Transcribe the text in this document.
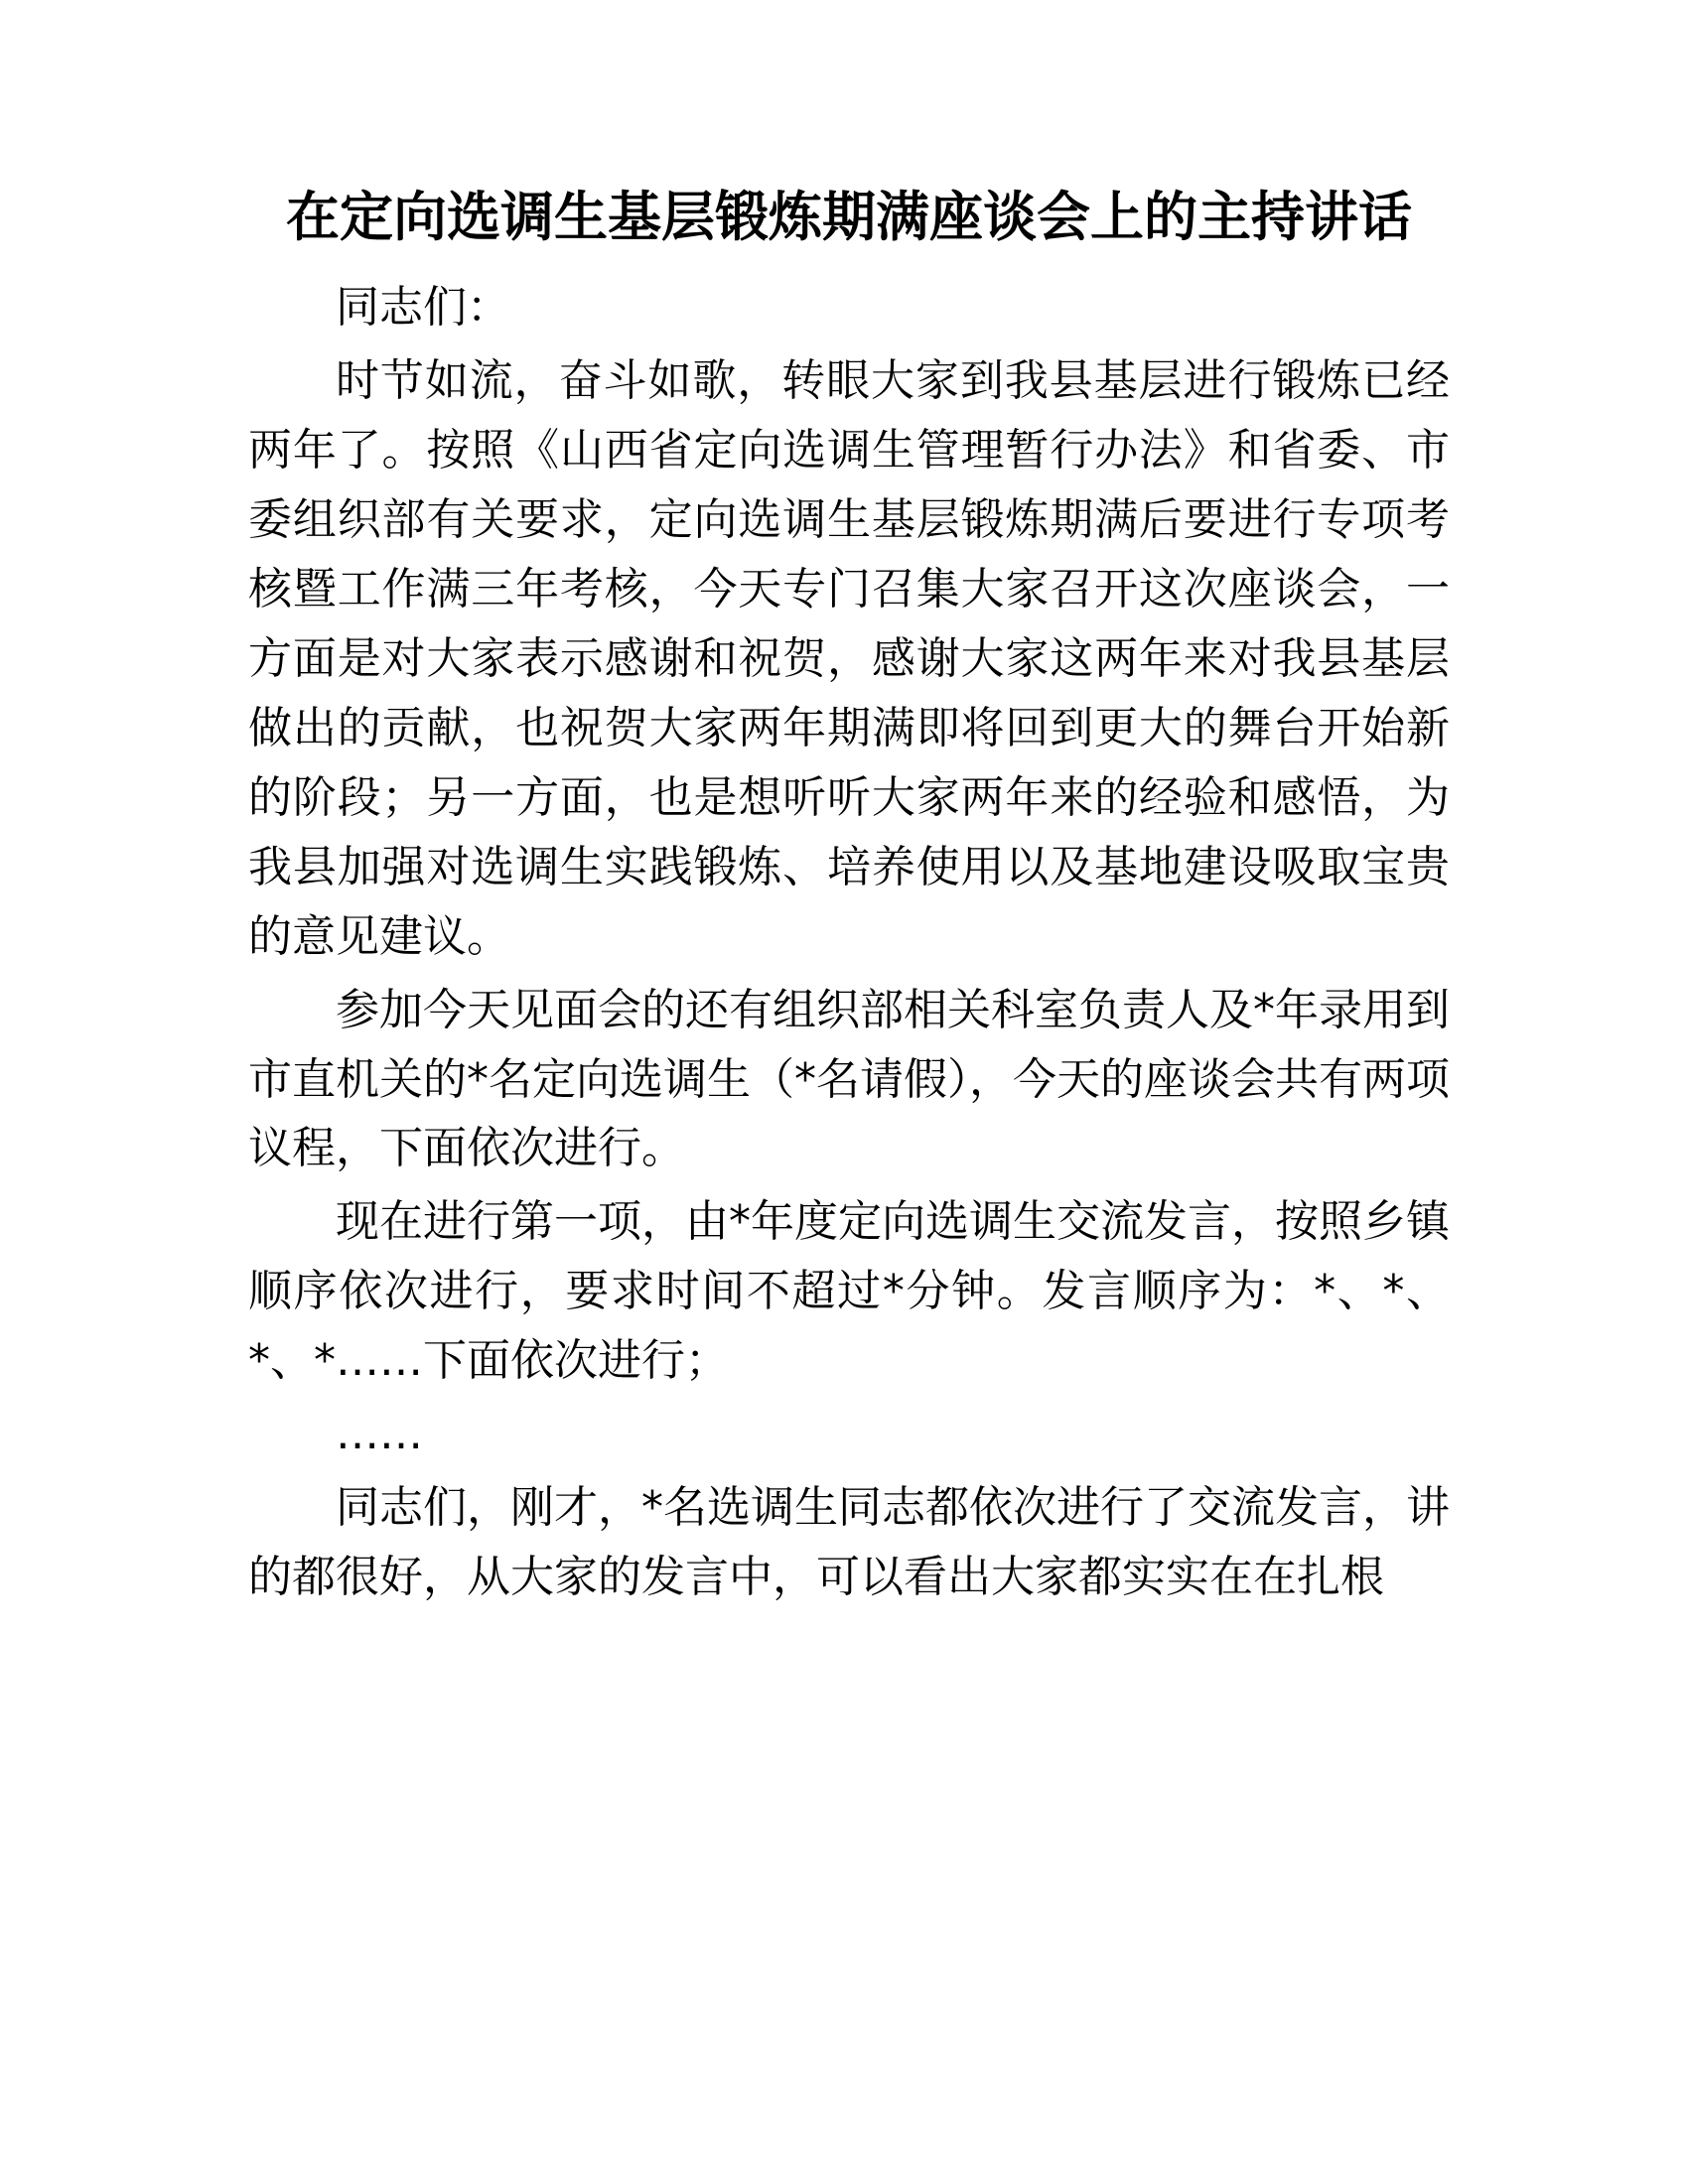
在定向选调生基层锻炼期满座谈会上的主持讲话

同志们：

时节如流，奋斗如歌，转眼大家到我县基层进行锻炼已经两年了。按照《山西省定向选调生管理暂行办法》和省委、市委组织部有关要求，定向选调生基层锻炼期满后要进行专项考核暨工作满三年考核，今天专门召集大家召开这次座谈会，一方面是对大家表示感谢和祝贺，感谢大家这两年来对我县基层做出的贡献，也祝贺大家两年期满即将回到更大的舞台开始新的阶段；另一方面，也是想听听大家两年来的经验和感悟，为我县加强对选调生实践锻炼、培养使用以及基地建设吸取宝贵的意见建议。

参加今天见面会的还有组织部相关科室负责人及*年录用到市直机关的*名定向选调生（*名请假），今天的座谈会共有两项议程，下面依次进行。

现在进行第一项，由*年度定向选调生交流发言，按照乡镇顺序依次进行，要求时间不超过*分钟。发言顺序为：*、*、*、*……下面依次进行；

……

同志们，刚才，*名选调生同志都依次进行了交流发言，讲的都很好，从大家的发言中，可以看出大家都实实在在扎根
